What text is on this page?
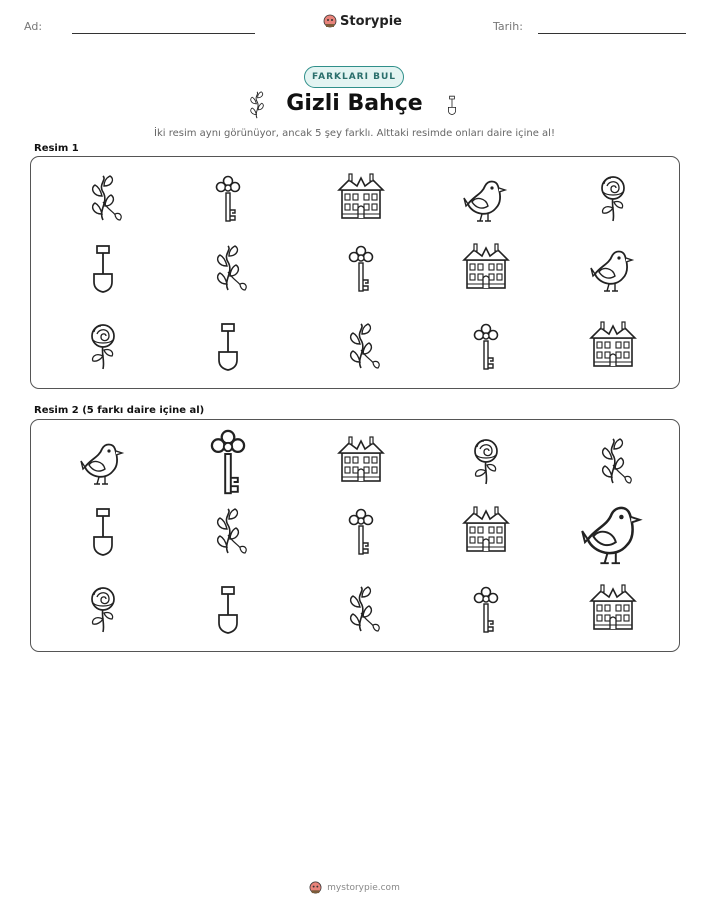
Ad:	Storypie	Tarih:
FARKLARI BUL
Gizli Bahçe
İki resim aynı görünüyor, ancak 5 şey farklı. Alttaki resimde onları daire içine al!
Resim 1
Resim 2 (5 farkı daire içine al)
mystorypie.com
